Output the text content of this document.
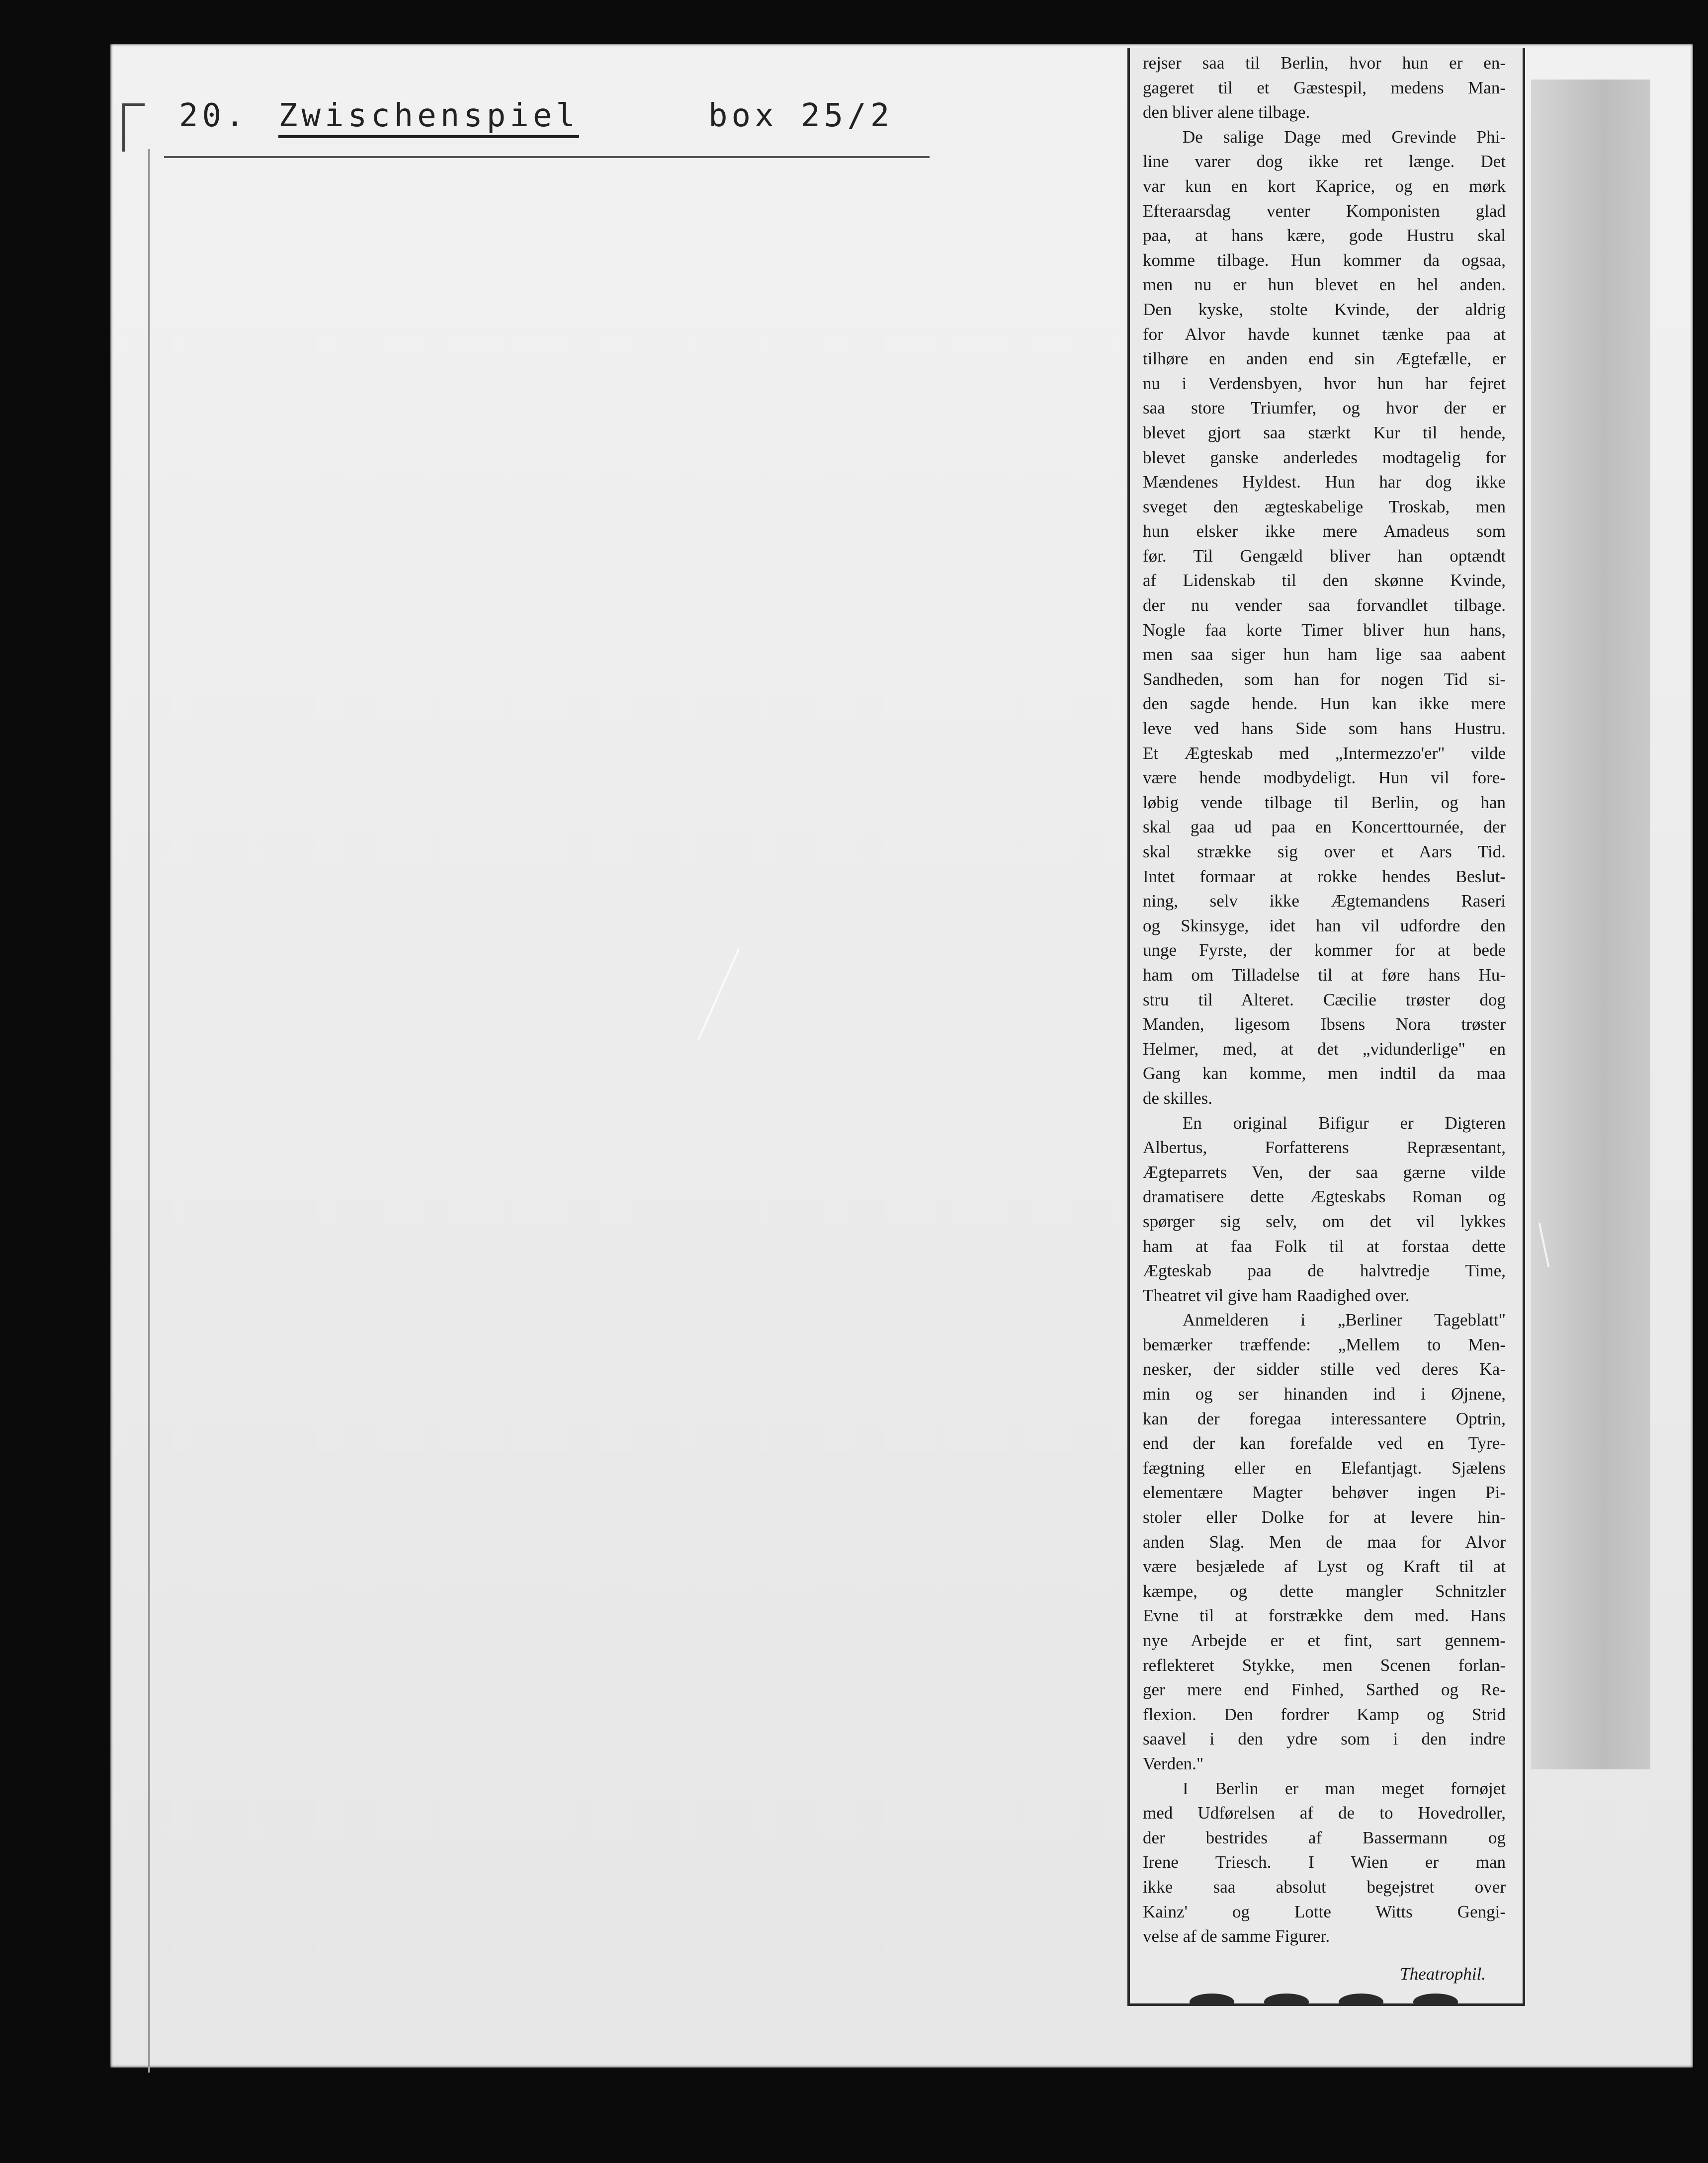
20. Zwischenspiel	box 25/2
rejser saa til Berlin, hvor hun er en-
gageret til et Gæstespil, medens Man-
den bliver alene tilbage.
De salige Dage med Grevinde Phi-
line varer dog ikke ret længe. Det
var kun en kort Kaprice, og en mørk
Efteraarsdag venter Komponisten glad
paa, at hans kære, gode Hustru skal
komme tilbage. Hun kommer da ogsaa,
men nu er hun blevet en hel anden.
Den kyske, stolte Kvinde, der aldrig
for Alvor havde kunnet tænke paa at
tilhøre en anden end sin Ægtefælle, er
nu i Verdensbyen, hvor hun har fejret
saa store Triumfer, og hvor der er
blevet gjort saa stærkt Kur til hende,
blevet ganske anderledes modtagelig for
Mændenes Hyldest. Hun har dog ikke
sveget den ægteskabelige Troskab, men
hun elsker ikke mere Amadeus som
før. Til Gengæld bliver han optændt
af Lidenskab til den skønne Kvinde,
der nu vender saa forvandlet tilbage.
Nogle faa korte Timer bliver hun hans,
men saa siger hun ham lige saa aabent
Sandheden, som han for nogen Tid si-
den sagde hende. Hun kan ikke mere
leve ved hans Side som hans Hustru.
Et Ægteskab med „Intermezzo'er" vilde
være hende modbydeligt. Hun vil fore-
løbig vende tilbage til Berlin, og han
skal gaa ud paa en Koncerttournée, der
skal strække sig over et Aars Tid.
Intet formaar at rokke hendes Beslut-
ning, selv ikke Ægtemandens Raseri
og Skinsyge, idet han vil udfordre den
unge Fyrste, der kommer for at bede
ham om Tilladelse til at føre hans Hu-
stru til Alteret. Cæcilie trøster dog
Manden, ligesom Ibsens Nora trøster
Helmer, med, at det „vidunderlige" en
Gang kan komme, men indtil da maa
de skilles.
En original Bifigur er Digteren
Albertus, Forfatterens Repræsentant,
Ægteparrets Ven, der saa gærne vilde
dramatisere dette Ægteskabs Roman og
spørger sig selv, om det vil lykkes
ham at faa Folk til at forstaa dette
Ægteskab paa de halvtredje Time,
Theatret vil give ham Raadighed over.
Anmelderen i „Berliner Tageblatt"
bemærker træffende: „Mellem to Men-
nesker, der sidder stille ved deres Ka-
min og ser hinanden ind i Øjnene,
kan der foregaa interessantere Optrin,
end der kan forefalde ved en Tyre-
fægtning eller en Elefantjagt. Sjælens
elementære Magter behøver ingen Pi-
stoler eller Dolke for at levere hin-
anden Slag. Men de maa for Alvor
være besjælede af Lyst og Kraft til at
kæmpe, og dette mangler Schnitzler
Evne til at forstrække dem med. Hans
nye Arbejde er et fint, sart gennem-
reflekteret Stykke, men Scenen forlan-
ger mere end Finhed, Sarthed og Re-
flexion. Den fordrer Kamp og Strid
saavel i den ydre som i den indre
Verden."
I Berlin er man meget fornøjet
med Udførelsen af de to Hovedroller,
der bestrides af Bassermann og
Irene Triesch. I Wien er man
ikke saa absolut begejstret over
Kainz' og Lotte Witts Gengi-
velse af de samme Figurer.
Theatrophil.
